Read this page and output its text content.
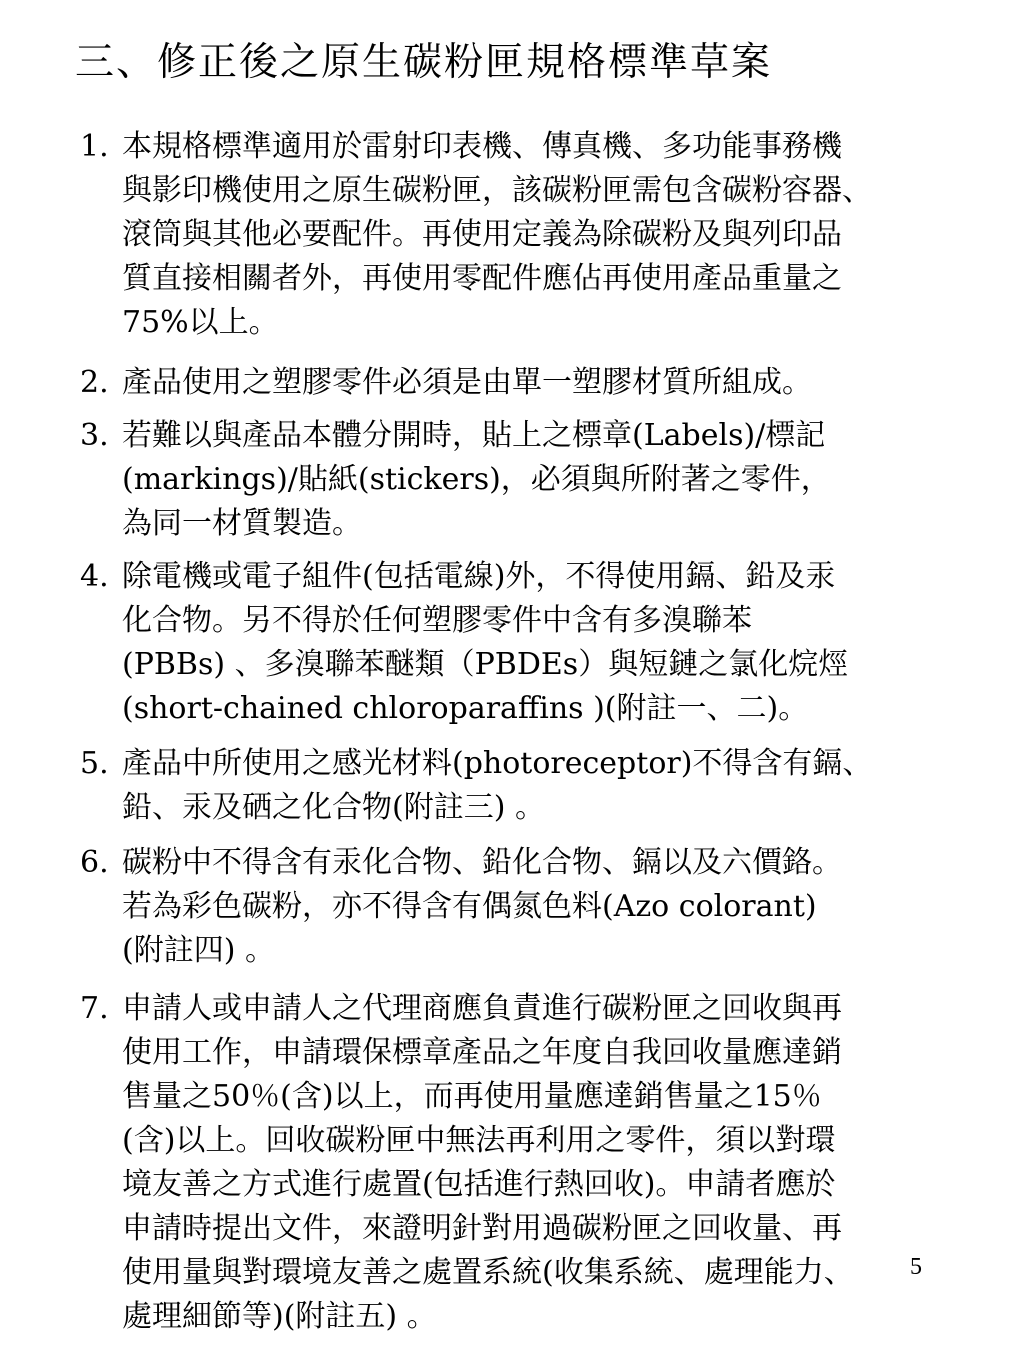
三、修正後之原生碳粉匣規格標準草案
1. 本規格標準適用於雷射印表機、傳真機、多功能事務機
與影印機使用之原生碳粉匣，該碳粉匣需包含碳粉容器、
滾筒與其他必要配件。再使用定義為除碳粉及與列印品
質直接相關者外，再使用零配件應佔再使用產品重量之
75%以上。
2. 產品使用之塑膠零件必須是由單一塑膠材質所組成。
3. 若難以與產品本體分開時，貼上之標章(Labels)/標記
(markings)/貼紙(stickers)，必須與所附著之零件，
為同一材質製造。
4. 除電機或電子組件(包括電線)外，不得使用鎘、鉛及汞
化合物。另不得於任何塑膠零件中含有多溴聯苯
(PBBs) 、多溴聯苯醚類（PBDEs）與短鏈之氯化烷烴
(short-chained chloroparaffins )(附註一、二)。
5. 產品中所使用之感光材料(photoreceptor)不得含有鎘、
鉛、汞及硒之化合物(附註三) 。
6. 碳粉中不得含有汞化合物、鉛化合物、鎘以及六價鉻。
若為彩色碳粉，亦不得含有偶氮色料(Azo colorant)
(附註四) 。
7. 申請人或申請人之代理商應負責進行碳粉匣之回收與再
使用工作，申請環保標章產品之年度自我回收量應達銷
售量之50％(含)以上，而再使用量應達銷售量之15％
(含)以上。回收碳粉匣中無法再利用之零件，須以對環
境友善之方式進行處置(包括進行熱回收)。申請者應於
申請時提出文件，來證明針對用過碳粉匣之回收量、再
使用量與對環境友善之處置系統(收集系統、處理能力、
處理細節等)(附註五) 。
5
